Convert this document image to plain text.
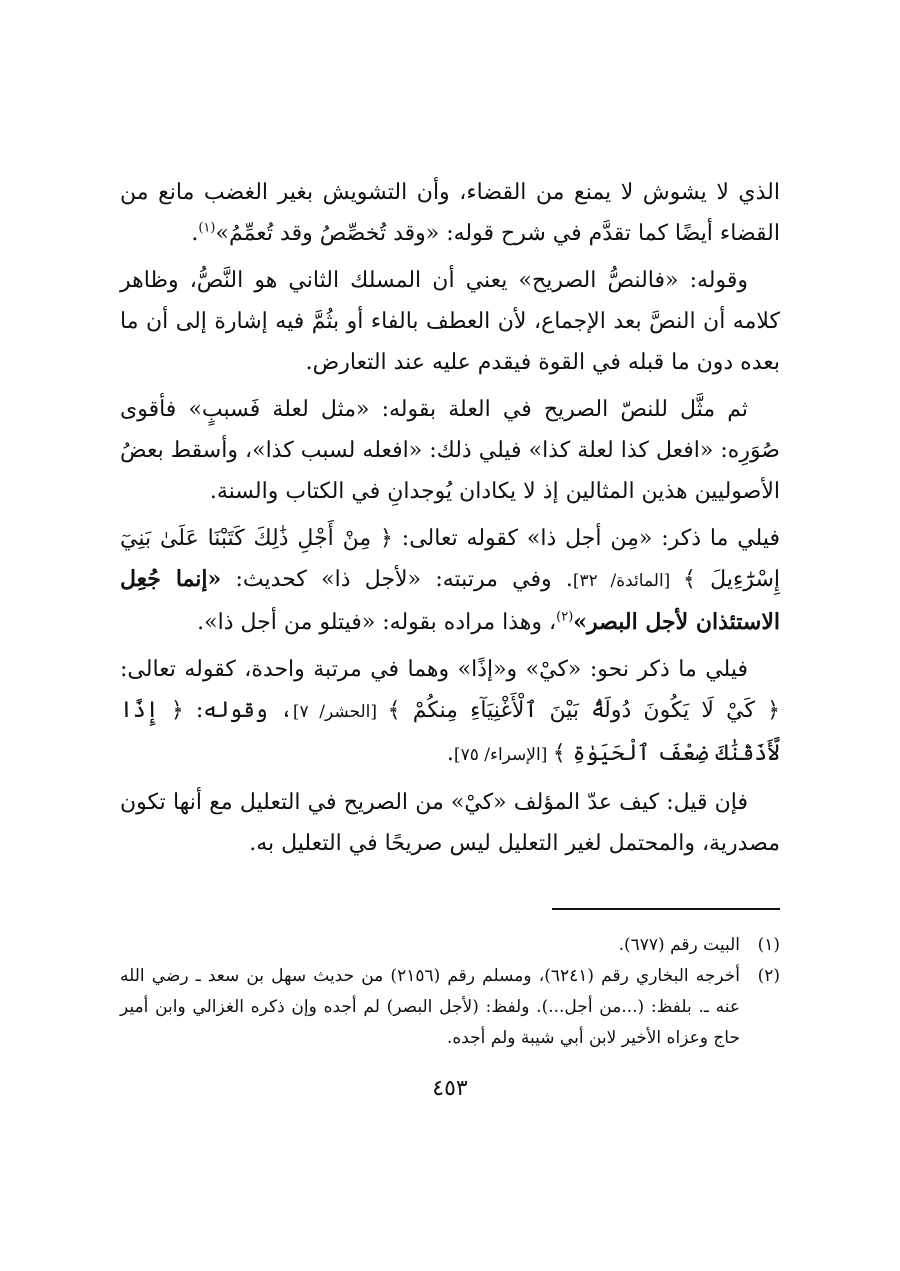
الذي لا يشوش لا يمنع من القضاء، وأن التشويش بغير الغضب مانع من القضاء أيضًا كما تقدَّم في شرح قوله: «وقد تُخصِّصُ وقد تُعمِّمُ»$^{(١)}$.

وقوله: «فالنصُّ الصريح» يعني أن المسلك الثاني هو النَّصُّ، وظاهر كلامه أن النصَّ بعد الإجماع، لأن العطف بالفاء أو بثُمَّ فيه إشارة إلى أن ما بعده دون ما قبله في القوة فيقدم عليه عند التعارض.

ثم مثَّل للنصّ الصريح في العلة بقوله: «مثل لعلة فَسببٍ» فأقوى صُوَرِه: «افعل كذا لعلة كذا» فيلي ذلك: «افعله لسبب كذا»، وأسقط بعضُ الأصوليين هذين المثالين إذ لا يكادان يُوجدانِ في الكتاب والسنة.

فيلي ما ذكر: «مِن أجل ذا» كقوله تعالى: ﴿ مِنْ أَجْلِ ذَٰلِكَ كَتَبْنَا عَلَىٰ بَنِيٓ إِسْرَٰٓءِيلَ ﴾ [المائدة/ ٣٢]. وفي مرتبته: «لأجل ذا» كحديث: «إنما جُعِل الاستئذان لأجل البصر»$^{(٢)}$، وهذا مراده بقوله: «فيتلو من أجل ذا».

فيلي ما ذكر نحو: «كيْ» و«إذًا» وهما في مرتبة واحدة، كقوله تعالى: ﴿ كَيْ لَا يَكُونَ دُولَةًۢ بَيْنَ ٱلْأَغْنِيَآءِ مِنكُمْ ﴾ [الحشر/ ٧]، وقوله: ﴿ إِذًا لَّأَذَقْنَٰكَ ضِعْفَ ٱلْحَيَوٰةِ ﴾ [الإسراء/ ٧٥].

فإن قيل: كيف عدّ المؤلف «كيْ» من الصريح في التعليل مع أنها تكون مصدرية، والمحتمل لغير التعليل ليس صريحًا في التعليل به.

(١)
البيت رقم (٦٧٧).
(٢)
أخرجه البخاري رقم (٦٢٤١)، ومسلم رقم (٢١٥٦) من حديث سهل بن سعد ـ رضي الله عنه ـ. بلفظ: (...من أجل...). ولفظ: (لأجل البصر) لم أجده وإن ذكره الغزالي وابن أمير حاج وعزاه الأخير لابن أبي شيبة ولم أجده.
٤٥٣
